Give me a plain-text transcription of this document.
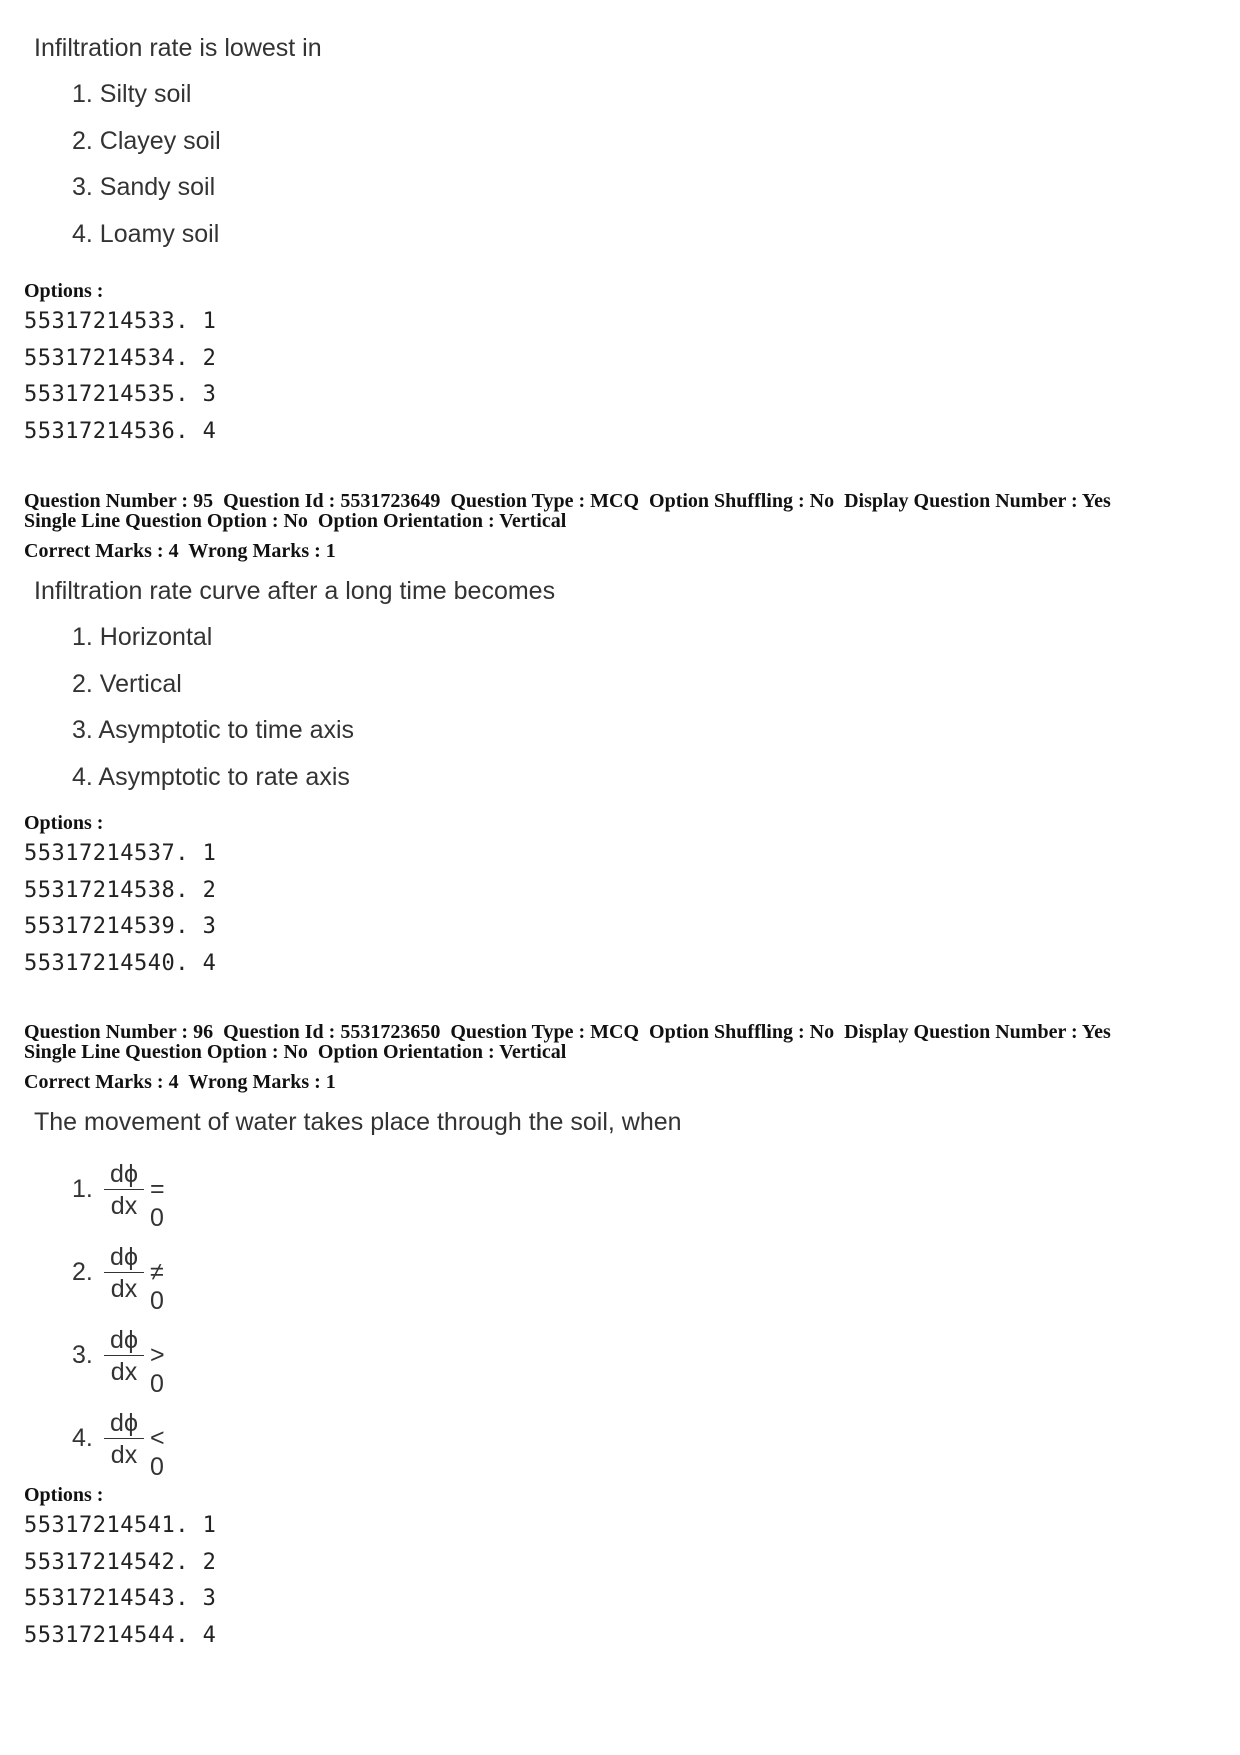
Infiltration rate is lowest in
1. Silty soil
2. Clayey soil
3. Sandy soil
4. Loamy soil
Options :
55317214533. 1
55317214534. 2
55317214535. 3
55317214536. 4
Question Number : 95  Question Id : 5531723649  Question Type : MCQ  Option Shuffling : No  Display Question Number : Yes
Single Line Question Option : No  Option Orientation : Vertical
Correct Marks : 4  Wrong Marks : 1
Infiltration rate curve after a long time becomes
1. Horizontal
2. Vertical
3. Asymptotic to time axis
4. Asymptotic to rate axis
Options :
55317214537. 1
55317214538. 2
55317214539. 3
55317214540. 4
Question Number : 96  Question Id : 5531723650  Question Type : MCQ  Option Shuffling : No  Display Question Number : Yes
Single Line Question Option : No  Option Orientation : Vertical
Correct Marks : 4  Wrong Marks : 1
The movement of water takes place through the soil, when
1. $\frac{d\phi}{dx} = 0$
2. $\frac{d\phi}{dx} \ne 0$
3. $\frac{d\phi}{dx} > 0$
4. $\frac{d\phi}{dx} < 0$
Options :
55317214541. 1
55317214542. 2
55317214543. 3
55317214544. 4
